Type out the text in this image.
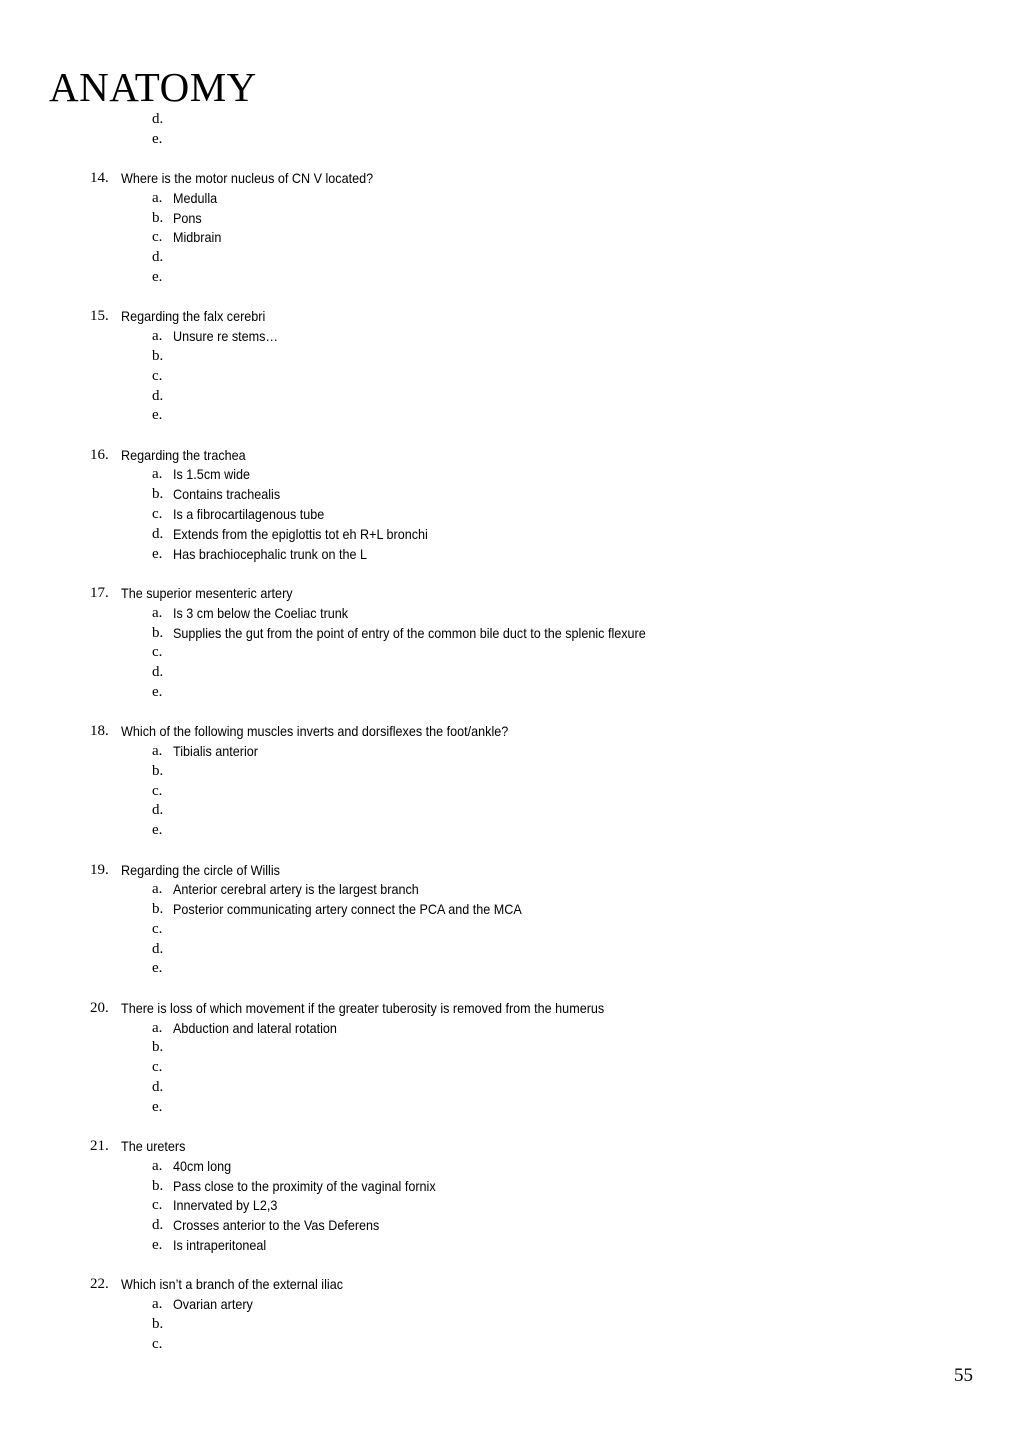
ANATOMY
d.
e.
14. Where is the motor nucleus of CN V located?
a. Medulla
b. Pons
c. Midbrain
d.
e.
15. Regarding the falx cerebri
a. Unsure re stems…
b.
c.
d.
e.
16. Regarding the trachea
a. Is 1.5cm wide
b. Contains trachealis
c. Is a fibrocartilagenous tube
d. Extends from the epiglottis tot eh R+L bronchi
e. Has brachiocephalic trunk on the L
17. The superior mesenteric artery
a. Is 3 cm below the Coeliac trunk
b. Supplies the gut from the point of entry of the common bile duct to the splenic flexure
c.
d.
e.
18. Which of the following muscles inverts and dorsiflexes the foot/ankle?
a. Tibialis anterior
b.
c.
d.
e.
19. Regarding the circle of Willis
a. Anterior cerebral artery is the largest branch
b. Posterior communicating artery connect the PCA and the MCA
c.
d.
e.
20. There is loss of which movement if the greater tuberosity is removed from the humerus
a. Abduction and lateral rotation
b.
c.
d.
e.
21. The ureters
a. 40cm long
b. Pass close to the proximity of the vaginal fornix
c. Innervated by L2,3
d. Crosses anterior to the Vas Deferens
e. Is intraperitoneal
22. Which isn’t a branch of the external iliac
a. Ovarian artery
b.
c.
55
